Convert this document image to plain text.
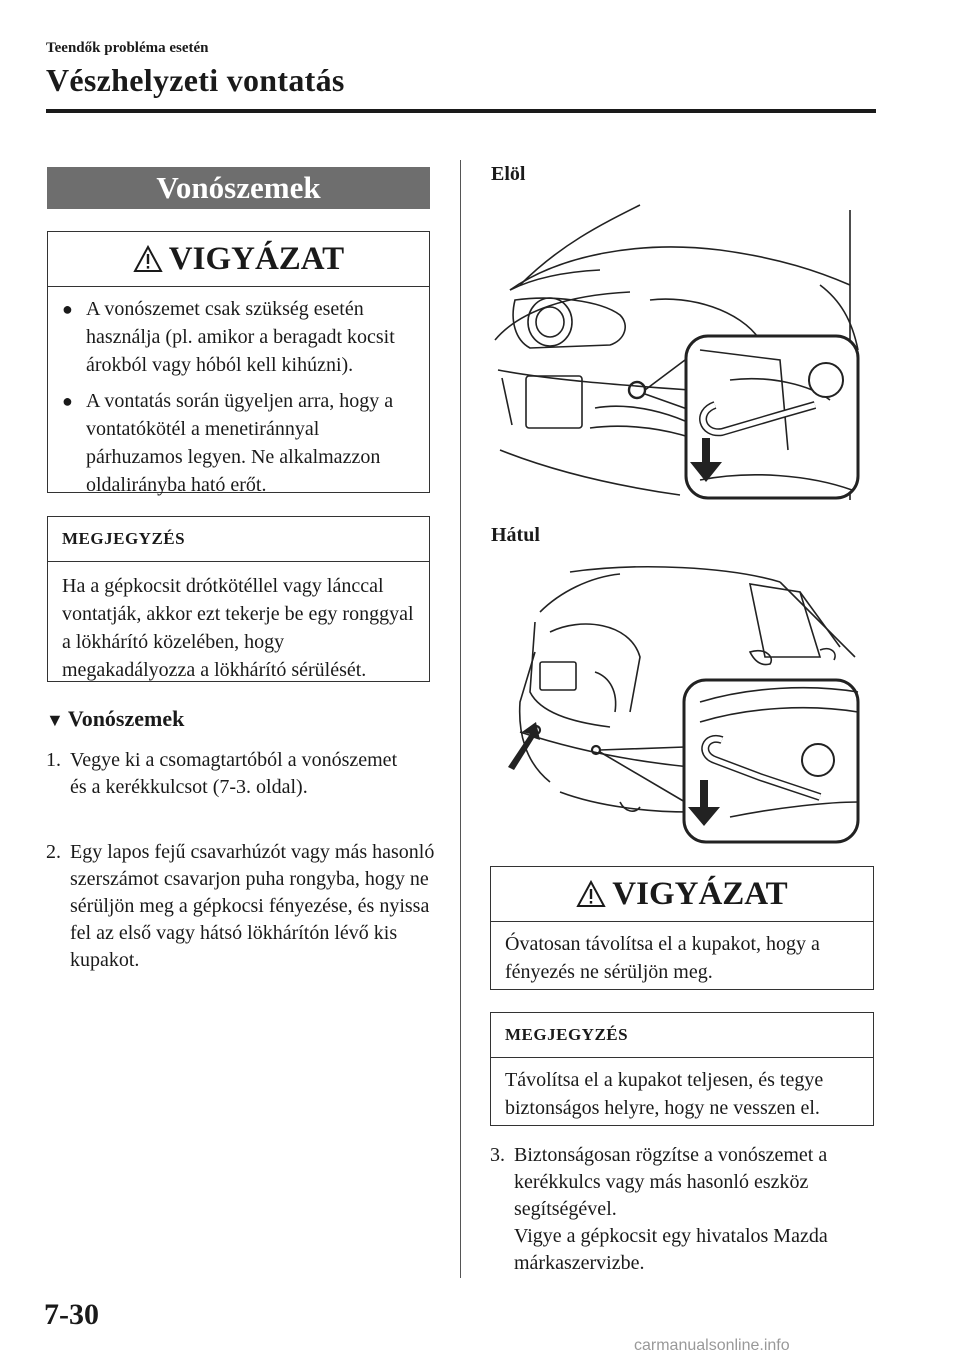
Teendők probléma esetén
Vészhelyzeti vontatás
Vonószemek
VIGYÁZAT
● A vonószemet csak szükség esetén használja (pl. amikor a beragadt kocsit árokból vagy hóból kell kihúzni).
● A vontatás során ügyeljen arra, hogy a vontatókötél a menetiránnyal párhuzamos legyen. Ne alkalmazzon oldalirányba ható erőt.
MEGJEGYZÉS
Ha a gépkocsit drótkötéllel vagy lánccal vontatják, akkor ezt tekerje be egy ronggyal a lökhárító közelében, hogy megakadályozza a lökhárító sérülését.
▼ Vonószemek
1. Vegye ki a csomagtartóból a vonószemet és a kerékkulcsot (7-3. oldal).
2. Egy lapos fejű csavarhúzót vagy más hasonló szerszámot csavarjon puha rongyba, hogy ne sérüljön meg a gépkocsi fényezése, és nyissa fel az első vagy hátsó lökhárítón lévő kis kupakot.
Elöl
Hátul
VIGYÁZAT
Óvatosan távolítsa el a kupakot, hogy a fényezés ne sérüljön meg.
MEGJEGYZÉS
Távolítsa el a kupakot teljesen, és tegye biztonságos helyre, hogy ne vesszen el.
3. Biztonságosan rögzítse a vonószemet a kerékkulcs vagy más hasonló eszköz segítségével.
Vigye a gépkocsit egy hivatalos Mazda márkaszervizbe.
7-30
carmanualsonline.info
